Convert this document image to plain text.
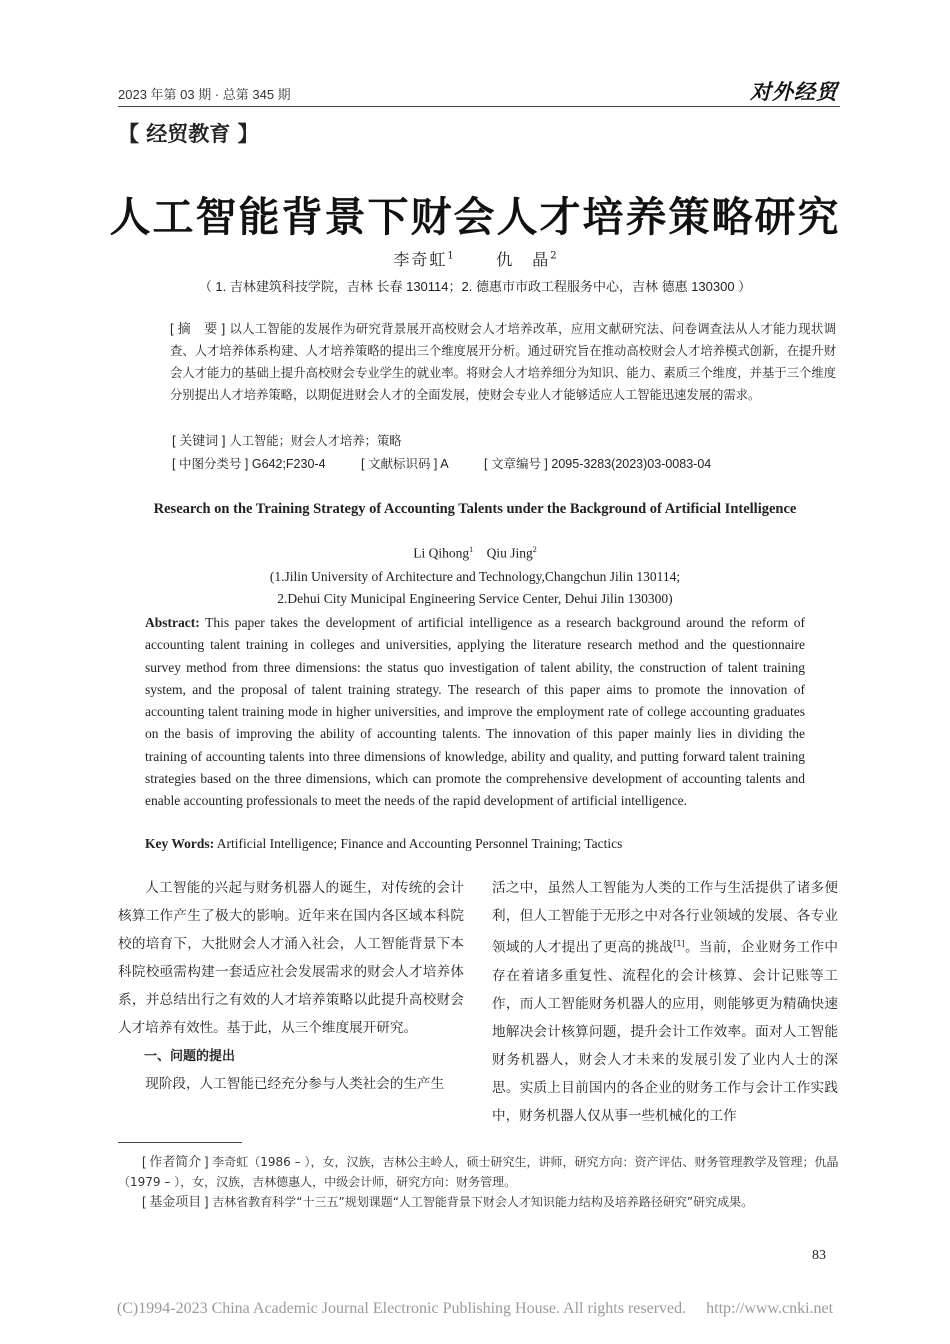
2023 年第 03 期 · 总第 345 期	对外经贸
【 经贸教育 】
人工智能背景下财会人才培养策略研究
李奇虹$^1$	仇　晶$^2$
（ 1. 吉林建筑科技学院，吉林 长春 130114；2. 德惠市市政工程服务中心，吉林 德惠 130300 ）
[ 摘　要 ] 以人工智能的发展作为研究背景展开高校财会人才培养改革，应用文献研究法、问卷调查法从人才能力现状调查、人才培养体系构建、人才培养策略的提出三个维度展开分析。通过研究旨在推动高校财会人才培养模式创新，在提升财会人才能力的基础上提升高校财会专业学生的就业率。将财会人才培养细分为知识、能力、素质三个维度，并基于三个维度分别提出人才培养策略，以期促进财会人才的全面发展，使财会专业人才能够适应人工智能迅速发展的需求。
[ 关键词 ] 人工智能；财会人才培养；策略
[ 中图分类号 ] G642;F230-4	[ 文献标识码 ] A	[ 文章编号 ] 2095-3283(2023)03-0083-04
Research on the Training Strategy of Accounting Talents under the Background of Artificial Intelligence
Li Qihong$^1$ Qiu Jing$^2$
(1.Jilin University of Architecture and Technology,Changchun Jilin 130114;
2.Dehui City Municipal Engineering Service Center, Dehui Jilin 130300)
Abstract: This paper takes the development of artificial intelligence as a research background around the reform of accounting talent training in colleges and universities, applying the literature research method and the questionnaire survey method from three dimensions: the status quo investigation of talent ability, the construction of talent training system, and the proposal of talent training strategy. The research of this paper aims to promote the innovation of accounting talent training mode in higher universities, and improve the employment rate of college accounting graduates on the basis of improving the ability of accounting talents. The innovation of this paper mainly lies in dividing the training of accounting talents into three dimensions of knowledge, ability and quality, and putting forward talent training strategies based on the three dimensions, which can promote the comprehensive development of accounting talents and enable accounting professionals to meet the needs of the rapid development of artificial intelligence.
Key Words: Artificial Intelligence; Finance and Accounting Personnel Training; Tactics

人工智能的兴起与财务机器人的诞生，对传统的会计核算工作产生了极大的影响。近年来在国内各区域本科院校的培育下，大批财会人才涌入社会，人工智能背景下本科院校亟需构建一套适应社会发展需求的财会人才培养体系，并总结出行之有效的人才培养策略以此提升高校财会人才培养有效性。基于此，从三个维度展开研究。

一、问题的提出

现阶段，人工智能已经充分参与人类社会的生产生

活之中，虽然人工智能为人类的工作与生活提供了诸多便利，但人工智能于无形之中对各行业领域的发展、各专业领域的人才提出了更高的挑战[1]。当前，企业财务工作中存在着诸多重复性、流程化的会计核算、会计记账等工作，而人工智能财务机器人的应用，则能够更为精确快速地解决会计核算问题，提升会计工作效率。面对人工智能财务机器人，财会人才未来的发展引发了业内人士的深思。实质上目前国内的各企业的财务工作与会计工作实践中，财务机器人仅从事一些机械化的工作

[ 作者简介 ] 李奇虹（1986 – ），女，汉族，吉林公主岭人，硕士研究生，讲师，研究方向：资产评估、财务管理教学及管理；仇晶（1979 – ），女，汉族，吉林德惠人，中级会计师，研究方向：财务管理。

[ 基金项目 ] 吉林省教育科学“十三五”规划课题“人工智能背景下财会人才知识能力结构及培养路径研究”研究成果。

83
(C)1994-2023 China Academic Journal Electronic Publishing House. All rights reserved.　 http://www.cnki.net
